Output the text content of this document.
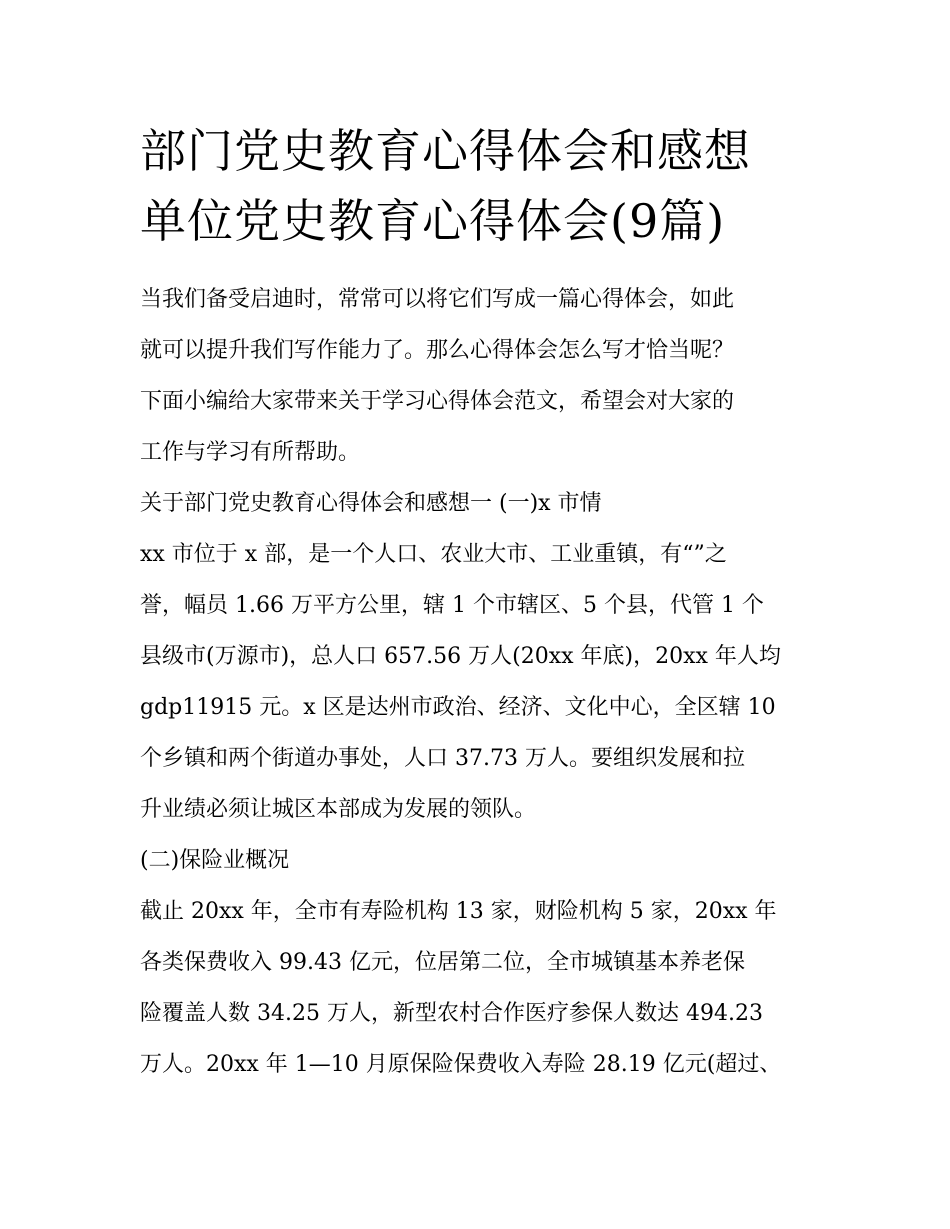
部门党史教育心得体会和感想
单位党史教育心得体会(9篇)

当我们备受启迪时，常常可以将它们写成一篇心得体会，如此
就可以提升我们写作能力了。那么心得体会怎么写才恰当呢？
下面小编给大家带来关于学习心得体会范文，希望会对大家的
工作与学习有所帮助。

关于部门党史教育心得体会和感想一 (一)x 市情

xx 市位于 x 部，是一个人口、农业大市、工业重镇，有“”之
誉，幅员 1.66 万平方公里，辖 1 个市辖区、5 个县，代管 1 个
县级市(万源市)，总人口 657.56 万人(20xx 年底)，20xx 年人均
gdp11915 元。x 区是达州市政治、经济、文化中心，全区辖 10
个乡镇和两个街道办事处，人口 37.73 万人。要组织发展和拉
升业绩必须让城区本部成为发展的领队。

(二)保险业概况

截止 20xx 年，全市有寿险机构 13 家，财险机构 5 家，20xx 年
各类保费收入 99.43 亿元，位居第二位，全市城镇基本养老保
险覆盖人数 34.25 万人，新型农村合作医疗参保人数达 494.23
万人。20xx 年 1—10 月原保险保费收入寿险 28.19 亿元(超过、
